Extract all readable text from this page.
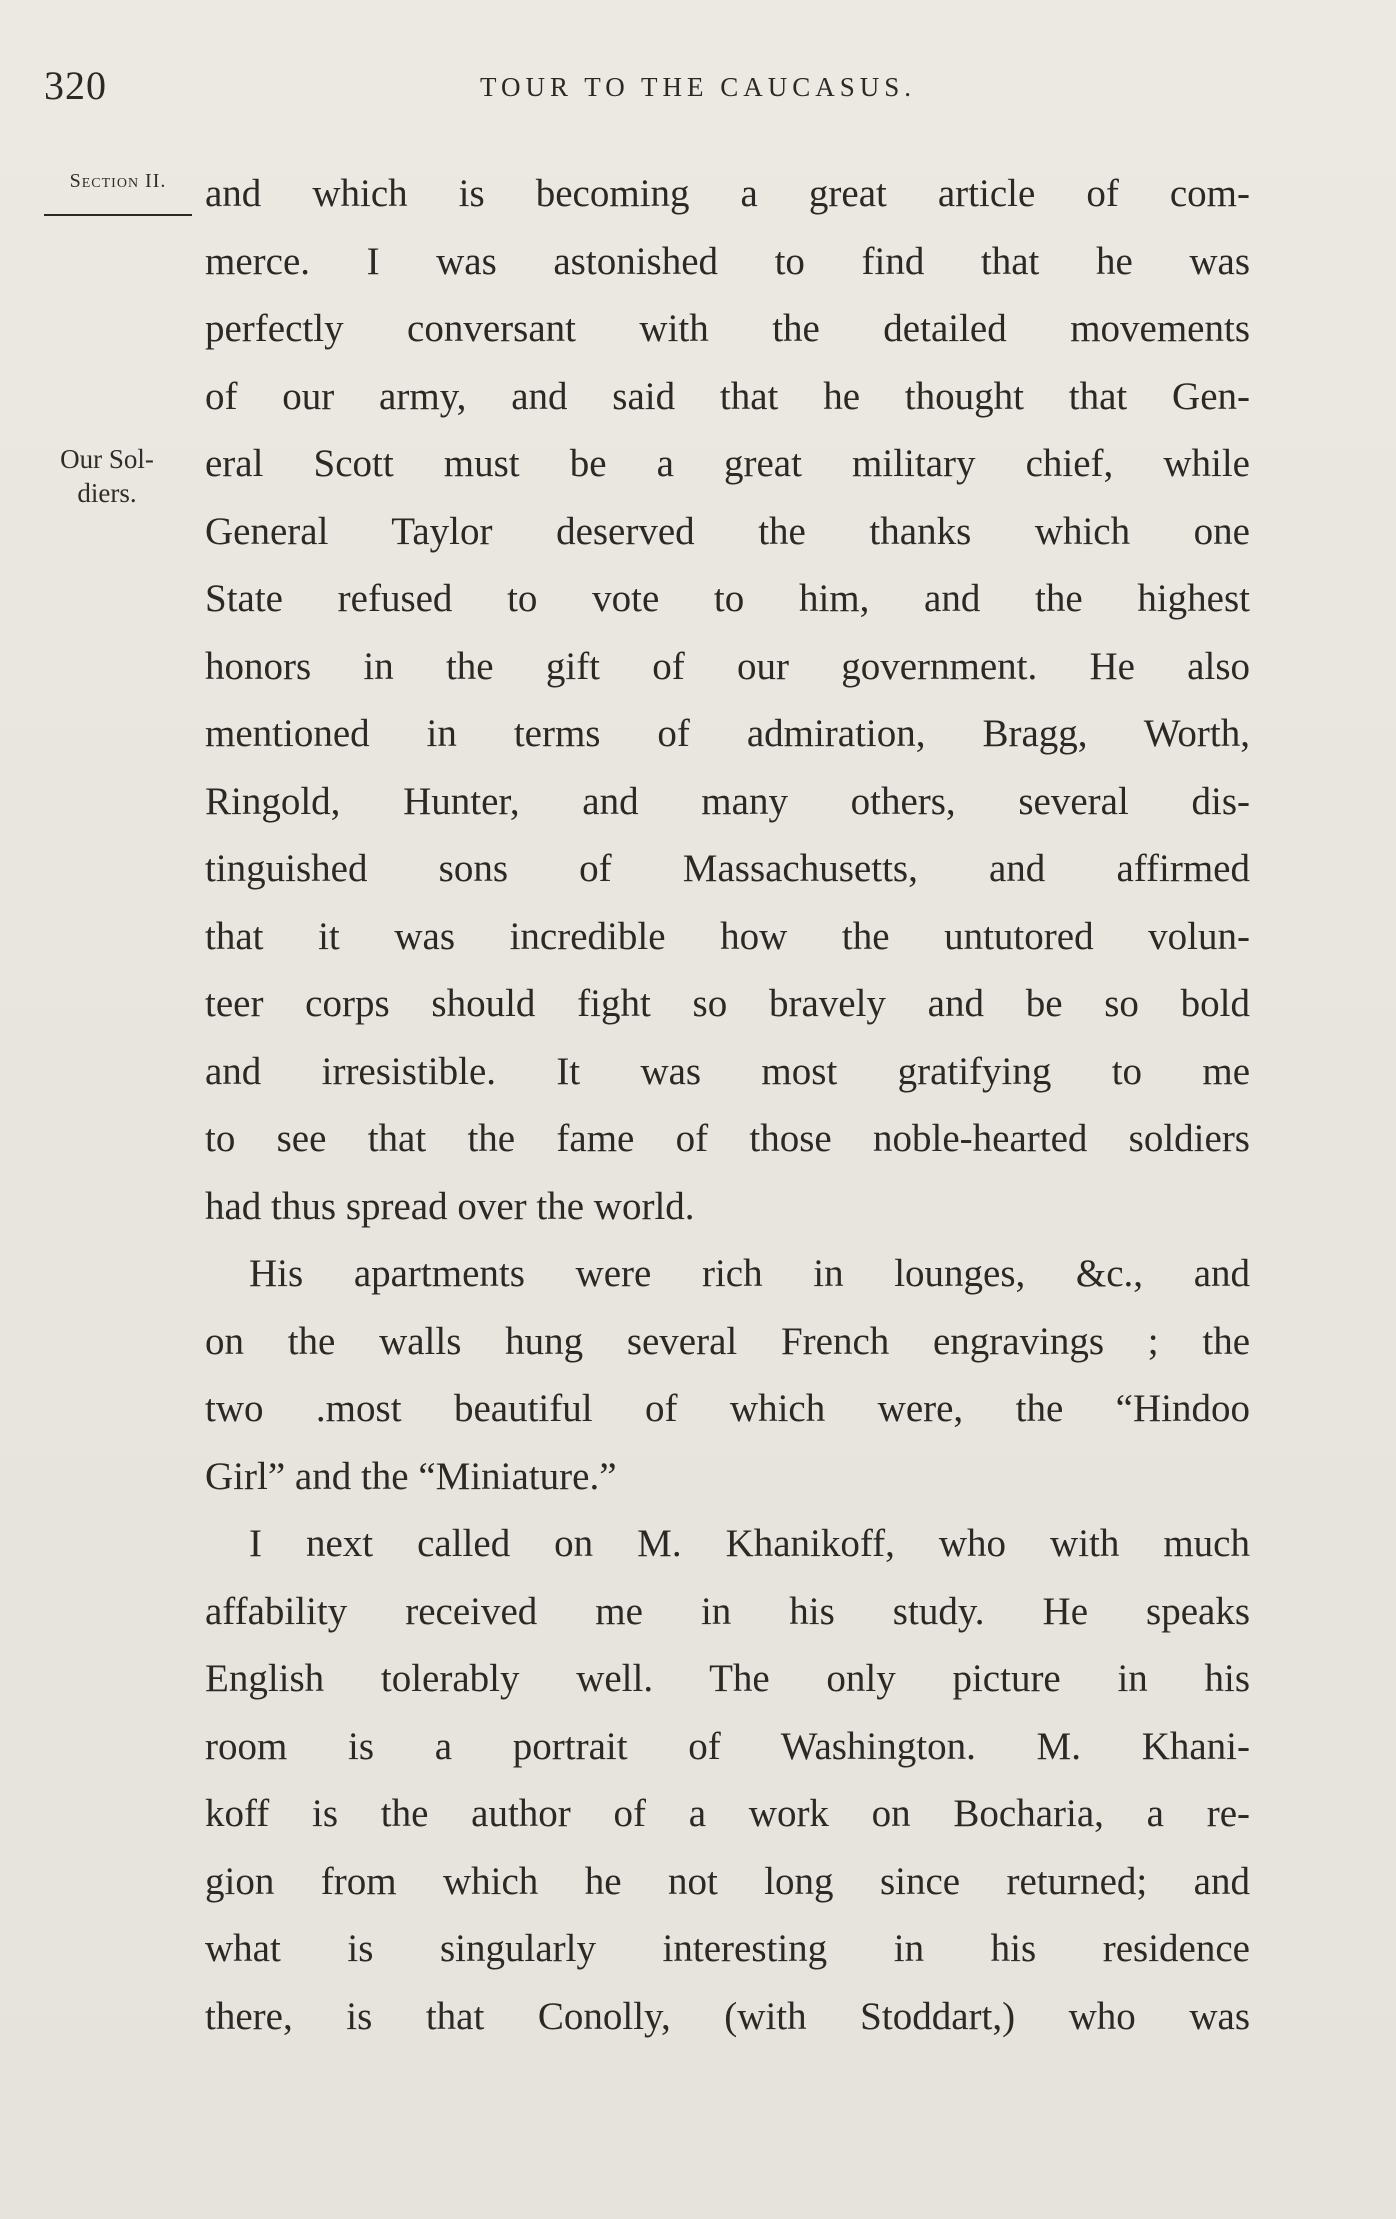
320	TOUR TO THE CAUCASUS.
Section II.
Our Sol-
diers.
and which is becoming a great article of com-
merce. I was astonished to find that he was
perfectly conversant with the detailed movements
of our army, and said that he thought that Gen-
eral Scott must be a great military chief, while
General Taylor deserved the thanks which one
State refused to vote to him, and the highest
honors in the gift of our government. He also
mentioned in terms of admiration, Bragg, Worth,
Ringold, Hunter, and many others, several dis-
tinguished sons of Massachusetts, and affirmed
that it was incredible how the untutored volun-
teer corps should fight so bravely and be so bold
and irresistible. It was most gratifying to me
to see that the fame of those noble-hearted soldiers
had thus spread over the world.
His apartments were rich in lounges, &c., and
on the walls hung several French engravings ; the
two .most beautiful of which were, the “Hindoo
Girl” and the “Miniature.”
I next called on M. Khanikoff, who with much
affability received me in his study. He speaks
English tolerably well. The only picture in his
room is a portrait of Washington. M. Khani-
koff is the author of a work on Bocharia, a re-
gion from which he not long since returned; and
what is singularly interesting in his residence
there, is that Conolly, (with Stoddart,) who was
